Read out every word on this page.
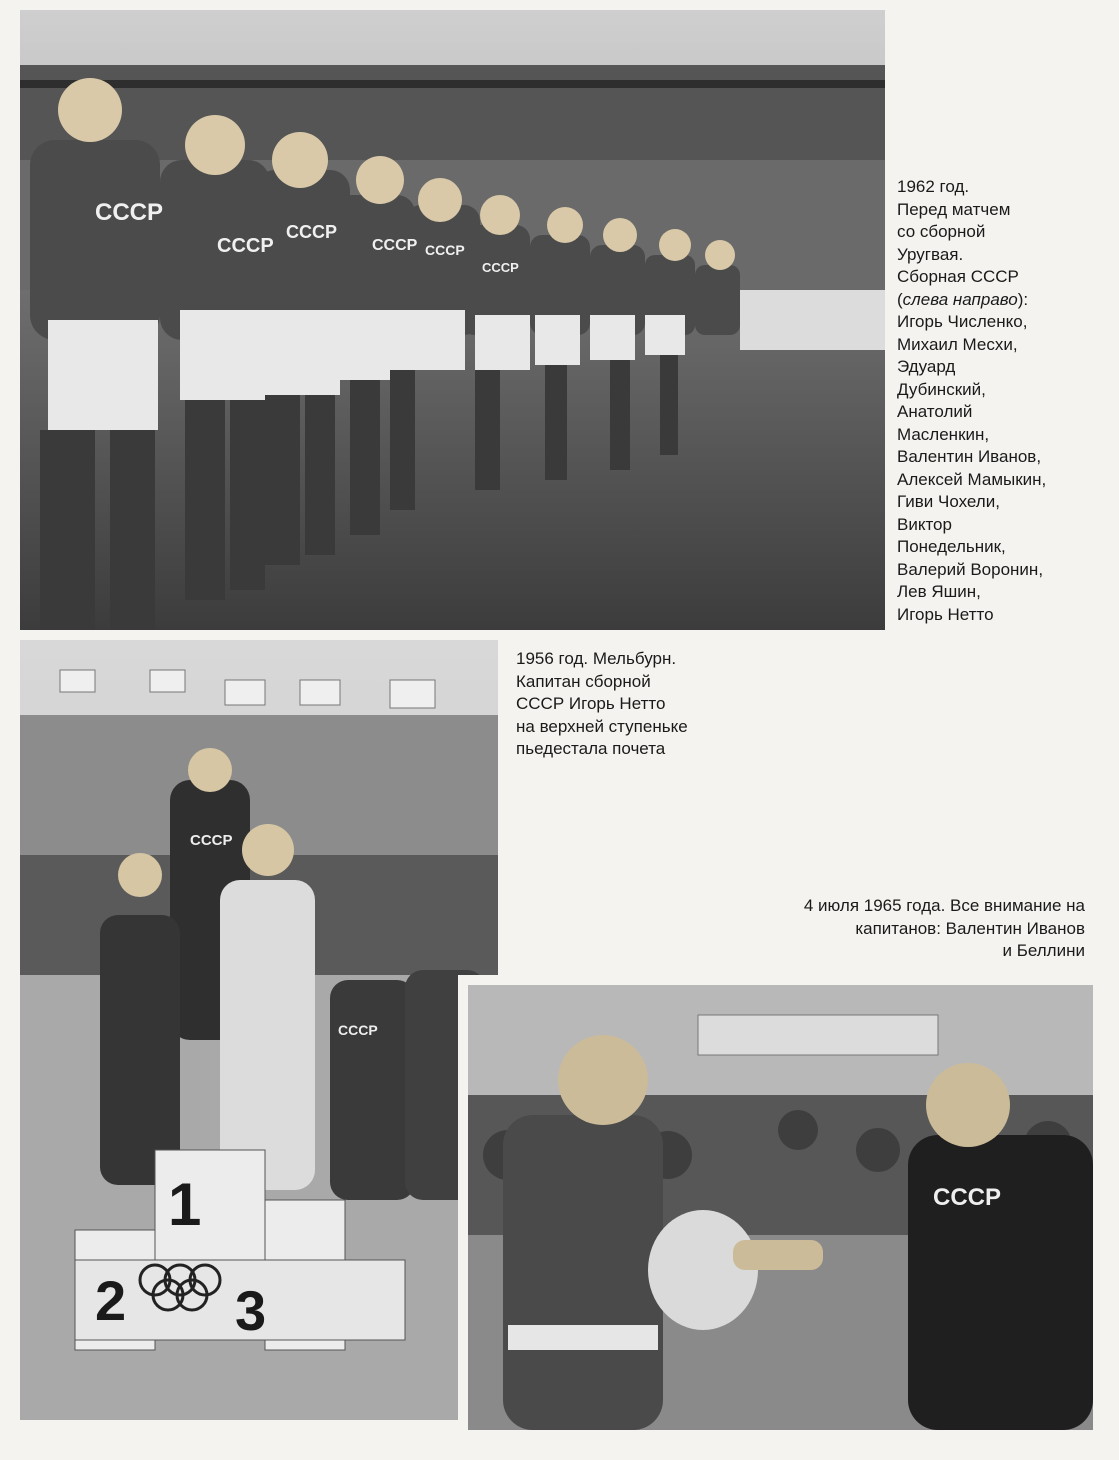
СССР
СССР
СССР
СССР СССР
СССР
1962 год.
Перед матчем
со сборной
Уругвая.
Сборная СССР
(слева направо):
Игорь Численко,
Михаил Месхи,
Эдуард
Дубинский,
Анатолий
Масленкин,
Валентин Иванов,
Алексей Мамыкин,
Гиви Чохели,
Виктор
Понедельник,
Валерий Воронин,
Лев Яшин,
Игорь Нетто
1
2 3
СССР
СССР
1956 год. Мельбурн.
Капитан сборной
СССР Игорь Нетто
на верхней ступеньке
пьедестала почета
4 июля 1965 года. Все внимание на
капитанов: Валентин Иванов
и Беллини
СССР
